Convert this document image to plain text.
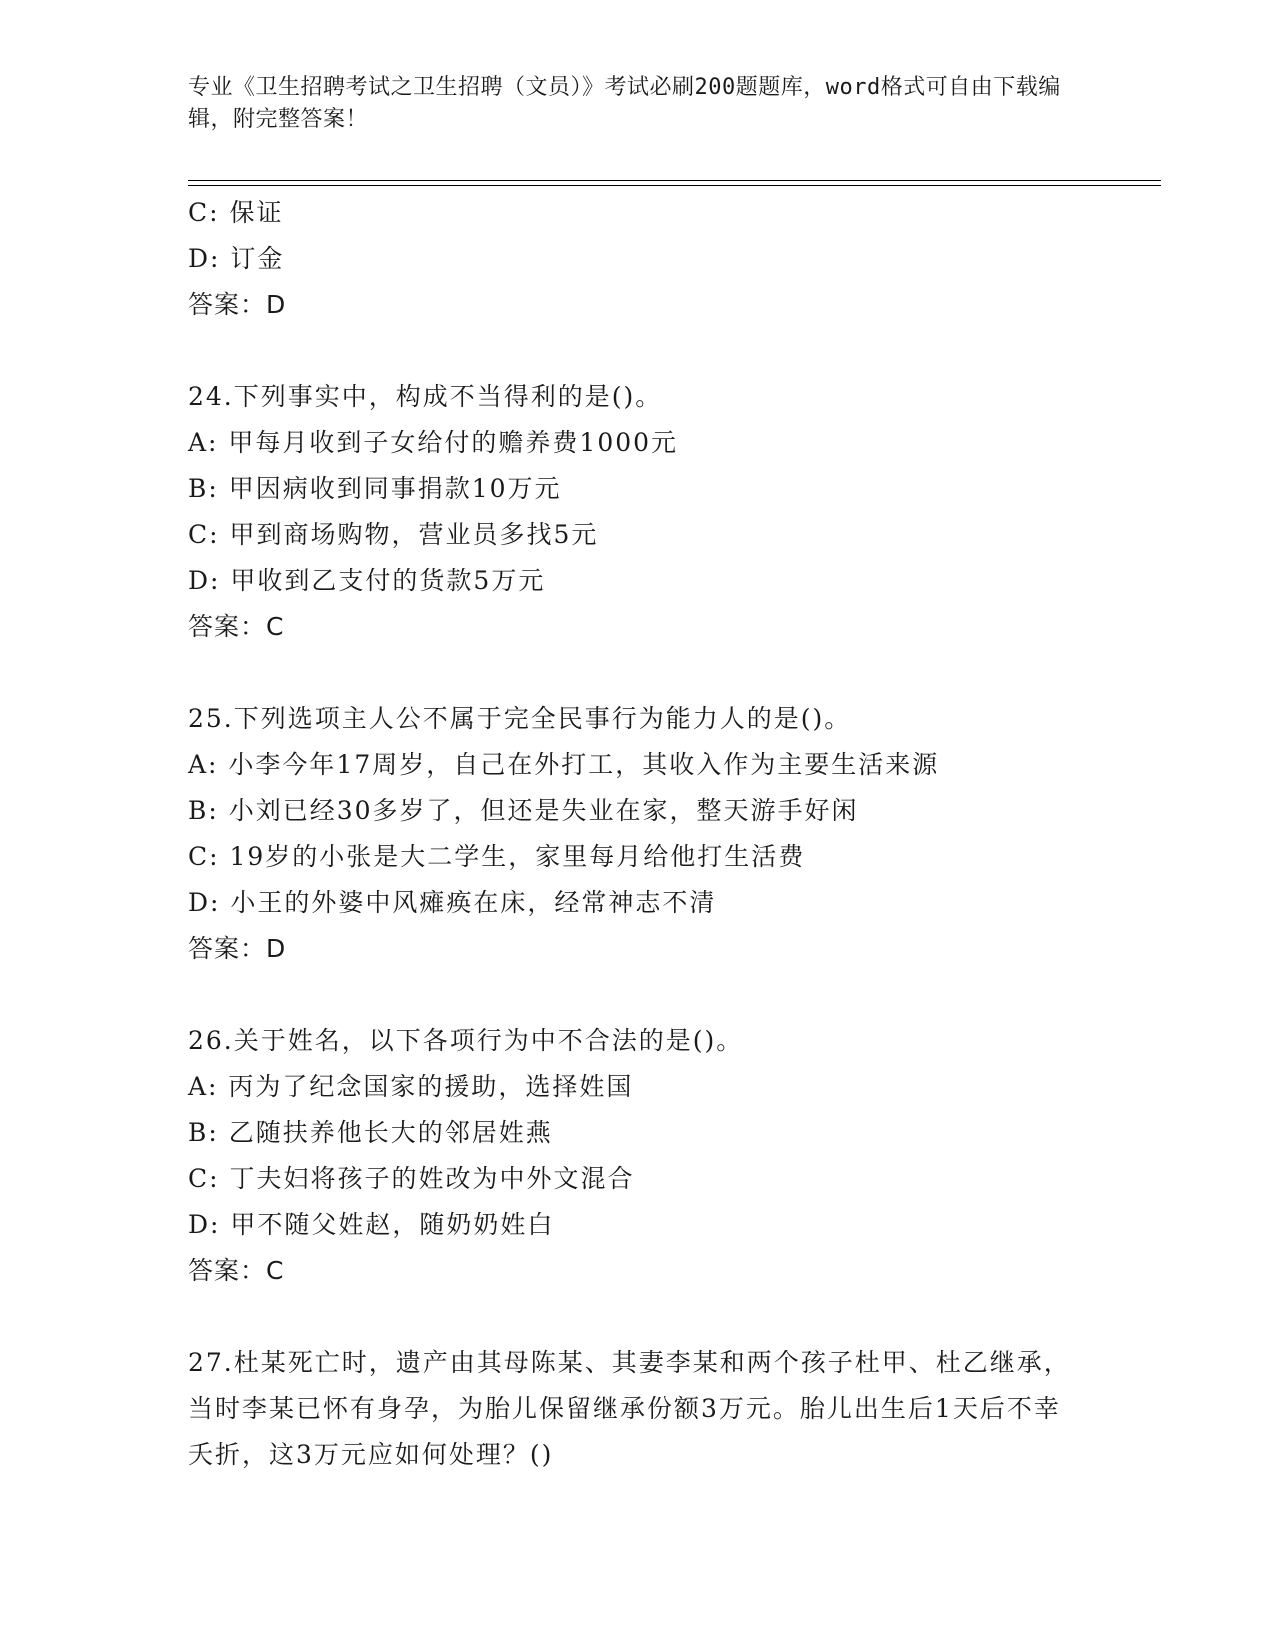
专业《卫生招聘考试之卫生招聘（文员）》考试必刷200题题库，word格式可自由下载编辑，附完整答案！
C: 保证
D: 订金
答案：D
24.下列事实中，构成不当得利的是()。
A: 甲每月收到子女给付的赡养费1000元
B: 甲因病收到同事捐款10万元
C: 甲到商场购物，营业员多找5元
D: 甲收到乙支付的货款5万元
答案：C
25.下列选项主人公不属于完全民事行为能力人的是()。
A: 小李今年17周岁，自己在外打工，其收入作为主要生活来源
B: 小刘已经30多岁了，但还是失业在家，整天游手好闲
C: 19岁的小张是大二学生，家里每月给他打生活费
D: 小王的外婆中风瘫痪在床，经常神志不清
答案：D
26.关于姓名，以下各项行为中不合法的是()。
A: 丙为了纪念国家的援助，选择姓国
B: 乙随扶养他长大的邻居姓燕
C: 丁夫妇将孩子的姓改为中外文混合
D: 甲不随父姓赵，随奶奶姓白
答案：C
27.杜某死亡时，遗产由其母陈某、其妻李某和两个孩子杜甲、杜乙继承，当时李某已怀有身孕，为胎儿保留继承份额3万元。胎儿出生后1天后不幸夭折，这3万元应如何处理？()
